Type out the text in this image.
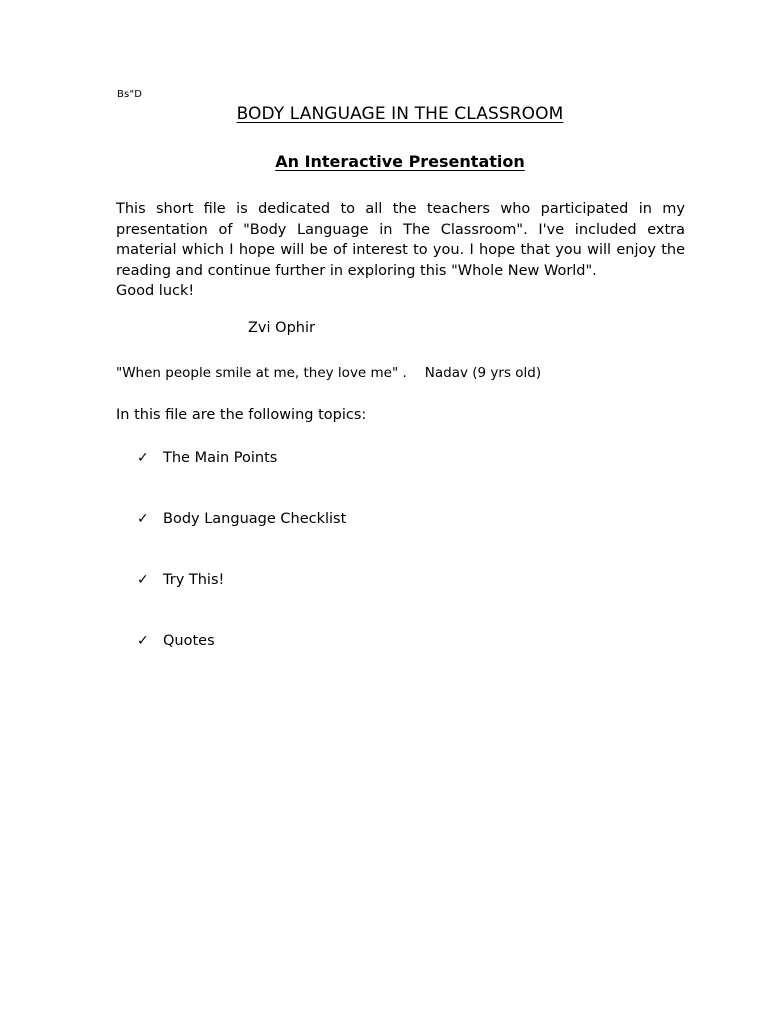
Bs"D
BODY LANGUAGE IN THE CLASSROOM
An Interactive Presentation
This short file is dedicated to all the teachers who participated in my
presentation of "Body Language in The Classroom". I've included extra
material which I hope will be of interest to you. I hope that you will enjoy the
reading and continue further in exploring this "Whole New World".
Good luck!
Zvi Ophir
"When people smile at me, they love me" . Nadav (9 yrs old)
In this file are the following topics:
✓ The Main Points
✓ Body Language Checklist
✓ Try This!
✓ Quotes
